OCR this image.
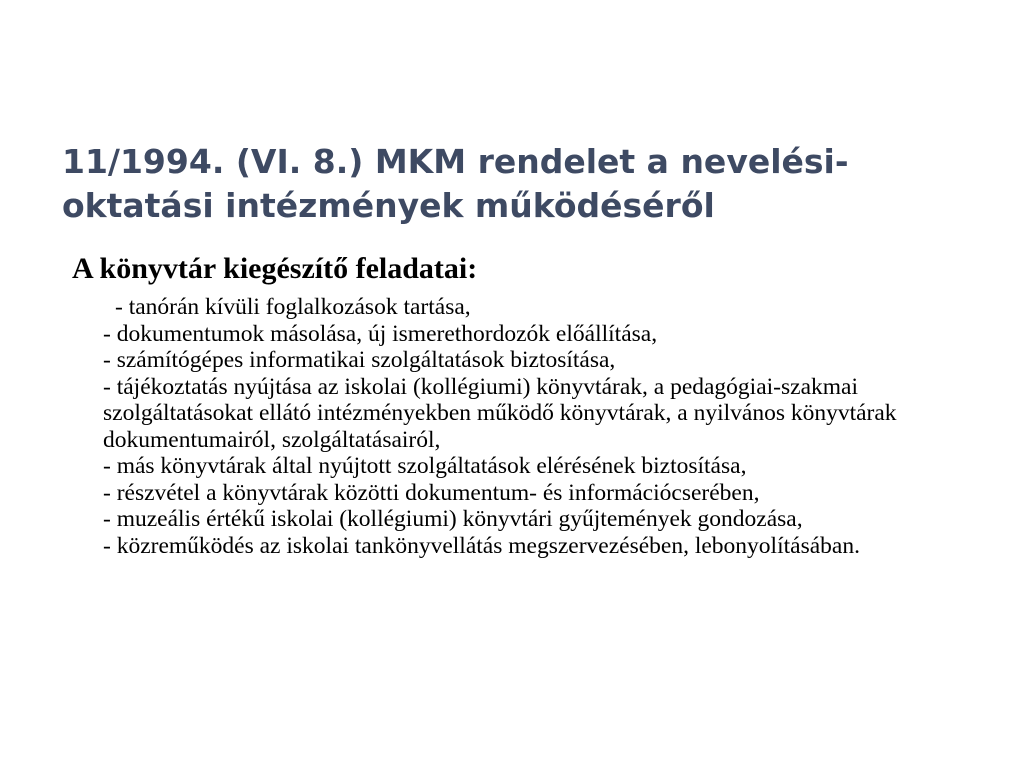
11/1994. (VI. 8.) MKM rendelet a nevelési-
oktatási intézmények működéséről
A könyvtár kiegészítő feladatai:
- tanórán kívüli foglalkozások tartása,
- dokumentumok másolása, új ismerethordozók előállítása,
- számítógépes informatikai szolgáltatások biztosítása,
- tájékoztatás nyújtása az iskolai (kollégiumi) könyvtárak, a pedagógiai-szakmai szolgáltatásokat ellátó intézményekben működő könyvtárak, a nyilvános könyvtárak dokumentumairól, szolgáltatásairól,
- más könyvtárak által nyújtott szolgáltatások elérésének biztosítása,
- részvétel a könyvtárak közötti dokumentum- és információcserében,
- muzeális értékű iskolai (kollégiumi) könyvtári gyűjtemények gondozása,
- közreműködés az iskolai tankönyvellátás megszervezésében, lebonyolításában.
